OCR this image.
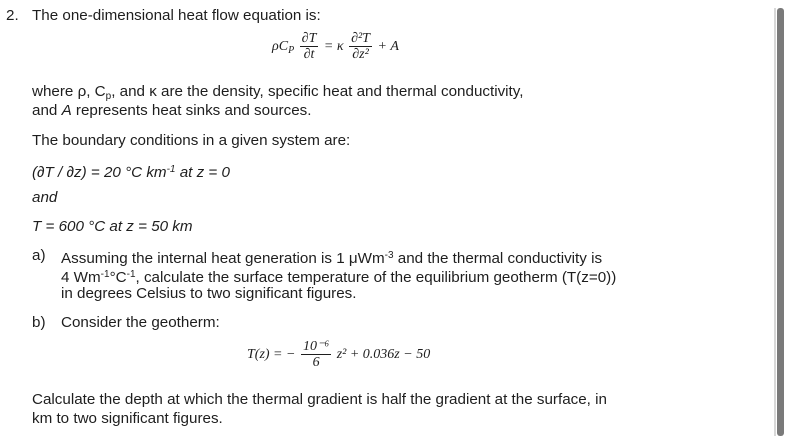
2. The one-dimensional heat flow equation is:
$\rho C_P \frac{\partial T}{\partial t} = \kappa \frac{\text{∂²T}}{\text{∂z²}} + A$
where ρ, $C_p$, and κ are the density, specific heat and thermal conductivity,
and A represents heat sinks and sources.
The boundary conditions in a given system are:
(∂T / ∂z) = 20 °C $km^{-1}$ at z = 0
and
T = 600 °C at z = 50 km
a) Assuming the internal heat generation is 1 μWm$^{-3}$ and the thermal conductivity is
4 $Wm^{-1}^\circ C^{-1}$, calculate the surface temperature of the equilibrium geotherm (T(z=0))
in degrees Celsius to two significant figures.
b) Consider the geotherm:
T(z) = − $\frac{\text{10⁻⁶}}{6} z^2 + 0.036z - 50$
Calculate the depth at which the thermal gradient is half the gradient at the surface, in
km to two significant figures.
